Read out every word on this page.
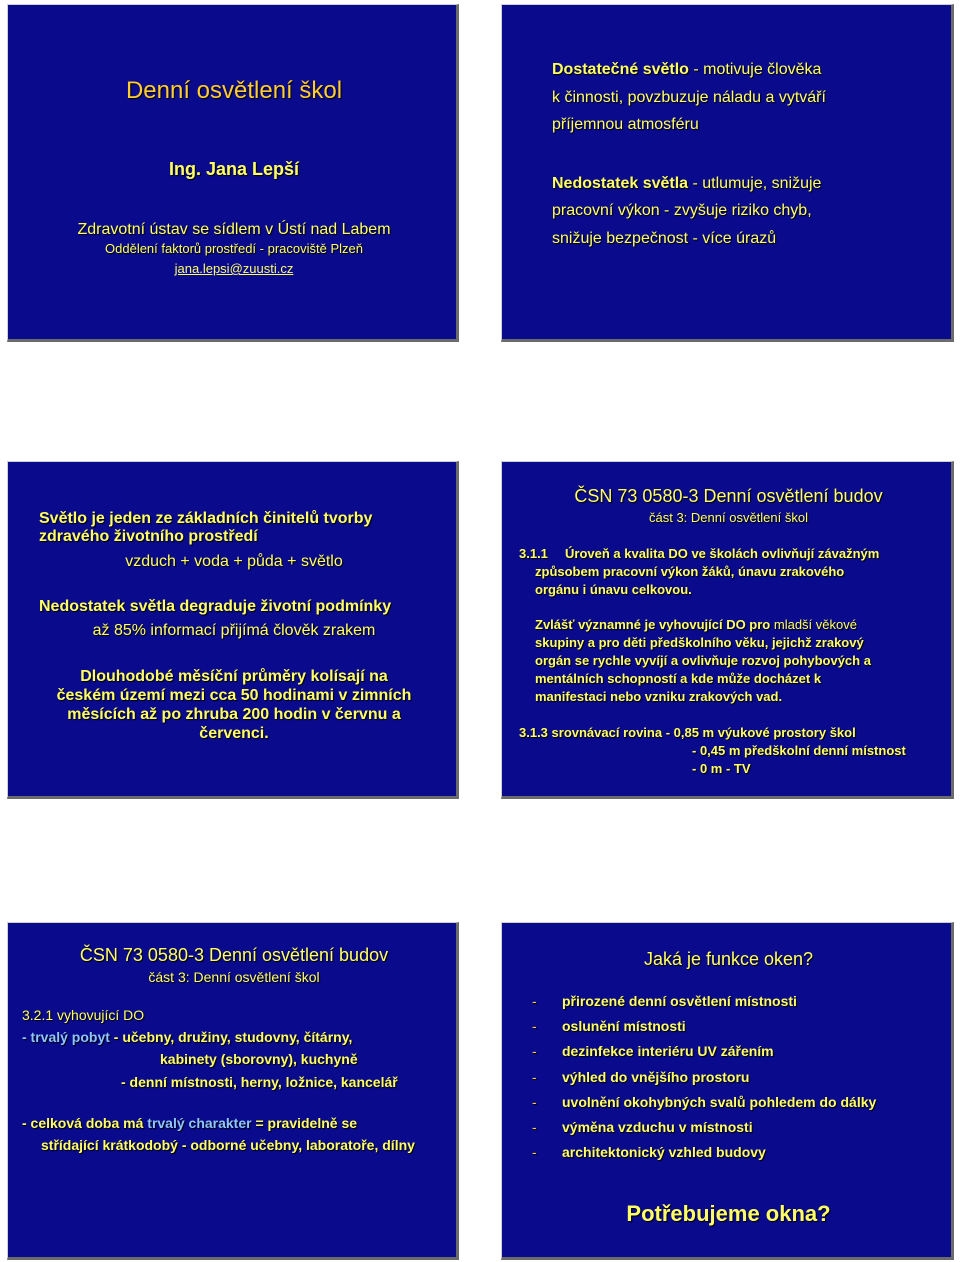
Denní osvětlení škol
Ing. Jana Lepší
Zdravotní ústav se sídlem v Ústí nad Labem
Oddělení faktorů prostředí - pracoviště Plzeň
jana.lepsi@zuusti.cz
Dostatečné světlo - motivuje člověka
k činnosti, povzbuzuje náladu a vytváří
příjemnou atmosféru
Nedostatek světla - utlumuje, snižuje
pracovní výkon - zvyšuje riziko chyb,
snižuje bezpečnost - více úrazů
Světlo je jeden ze základních činitelů tvorby
zdravého životního prostředí
vzduch + voda + půda + světlo
Nedostatek světla degraduje životní podmínky
až 85% informací přijímá člověk zrakem
Dlouhodobé měsíční průměry kolísají na
českém území mezi cca 50 hodinami v zimních
měsících až po zhruba 200 hodin v červnu a
červenci.
ČSN 73 0580-3 Denní osvětlení budov
část 3: Denní osvětlení škol
3.1.1 Úroveň a kvalita DO ve školách ovlivňují závažným
způsobem pracovní výkon žáků, únavu zrakového
orgánu i únavu celkovou.
Zvlášť významné je vyhovující DO pro mladší věkové
skupiny a pro děti předškolního věku, jejichž zrakový
orgán se rychle vyvíjí a ovlivňuje rozvoj pohybových a
mentálních schopností a kde může docházet k
manifestaci nebo vzniku zrakových vad.
3.1.3 srovnávací rovina - 0,85 m výukové prostory škol
- 0,45 m předškolní denní místnost
- 0 m - TV
ČSN 73 0580-3 Denní osvětlení budov
část 3: Denní osvětlení škol
3.2.1 vyhovující DO
- trvalý pobyt - učebny, družiny, studovny, čítárny,
kabinety (sborovny), kuchyně
- denní místnosti, herny, ložnice, kancelář
- celková doba má trvalý charakter = pravidelně se
střídající krátkodobý - odborné učebny, laboratoře, dílny
Jaká je funkce oken?
- přirozené denní osvětlení místnosti
- oslunění místnosti
- dezinfekce interiéru UV zářením
- výhled do vnějšího prostoru
- uvolnění okohybných svalů pohledem do dálky
- výměna vzduchu v místnosti
- architektonický vzhled budovy
Potřebujeme okna?
